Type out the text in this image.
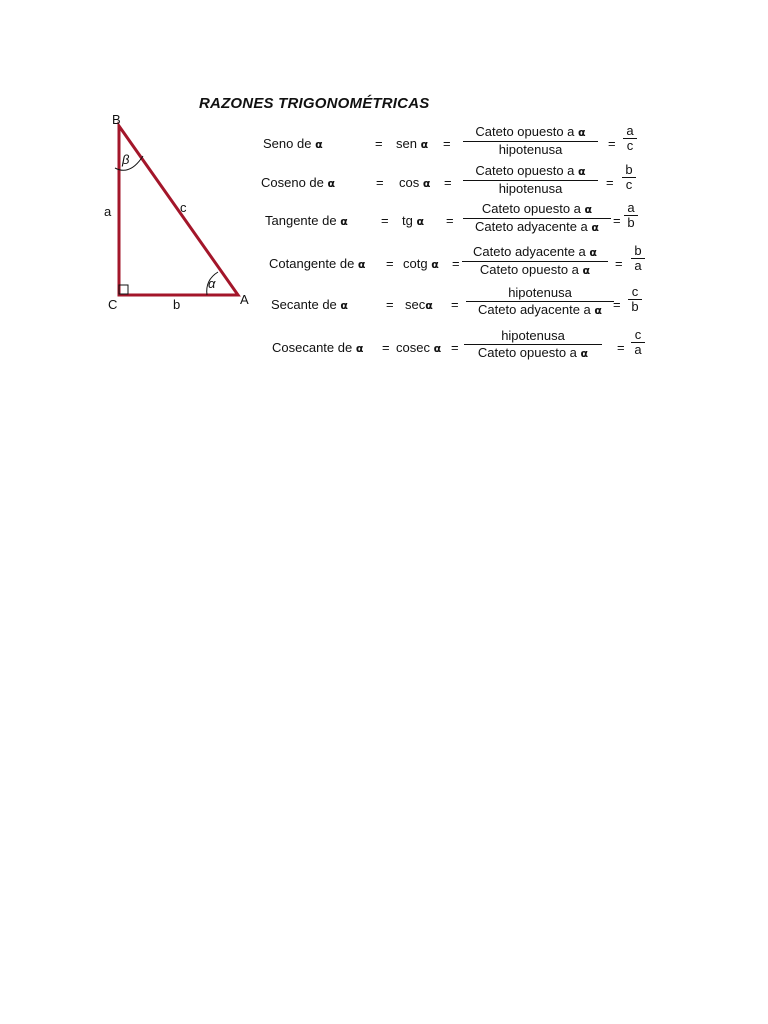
RAZONES TRIGONOMÉTRICAS
B
C	A
a
b
c
β
α
Seno de α	= sen α =
Cateto opuesto a α
hipotenusa	= $\frac{a}{c}$
Coseno de α	= cos α =
Cateto opuesto a α
hipotenusa	= $\frac{b}{c}$
Tangente de α	= tg α =
Cateto opuesto a α
Cateto adyacente a α	= $\frac{a}{b}$
Cotangente de α = cotg α =
Cateto adyacente a α
Cateto opuesto a α	= $\frac{b}{a}$
Secante de α	= secα =
hipotenusa
Cateto adyacente a $\alpha = \frac{c}{b}$
Cosecante de α = cosec α =
hipotenusa
Cateto opuesto a α	= $\frac{c}{a}$
